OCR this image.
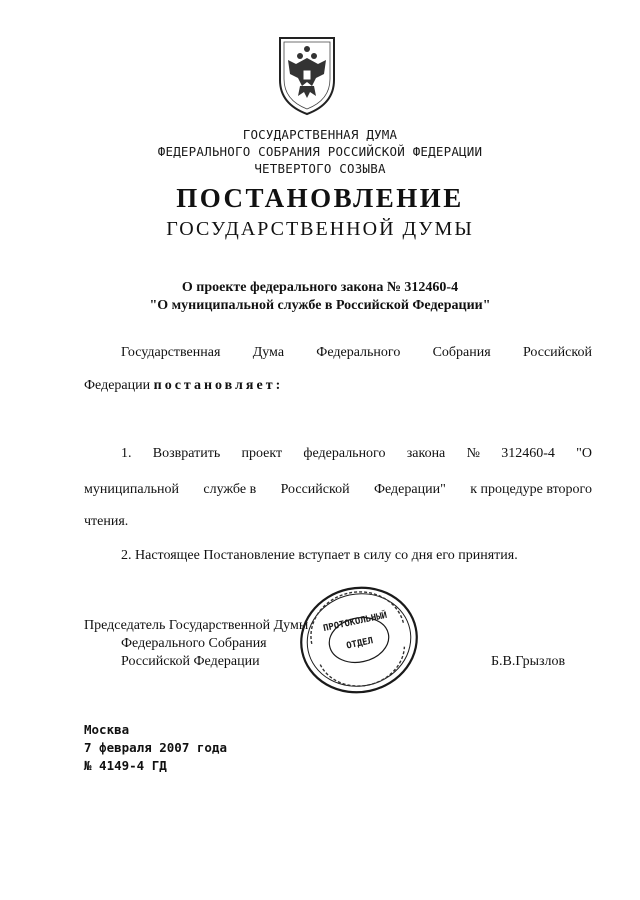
ГОСУДАРСТВЕННАЯ ДУМА
ФЕДЕРАЛЬНОГО СОБРАНИЯ РОССИЙСКОЙ ФЕДЕРАЦИИ
ЧЕТВЕРТОГО СОЗЫВА
ПОСТАНОВЛЕНИЕ
ГОСУДАРСТВЕННОЙ ДУМЫ
О проекте федерального закона № 312460-4
"О муниципальной службе в Российской Федерации"
Государственная Дума Федерального Собрания Российской
Федерации постановляет:
1. Возвратить проект федерального закона № 312460-4 "О
муниципальной службе в Российской Федерации" к процедуре второго
чтения.
2. Настоящее Постановление вступает в силу со дня его принятия.
Председатель Государственной Думы
Федерального Собрания
Российской Федерации	Б.В.Грызлов
ПРОТОКОЛЬНЫЙ
ОТДЕЛ
Москва
7 февраля 2007 года
№ 4149-4 ГД
